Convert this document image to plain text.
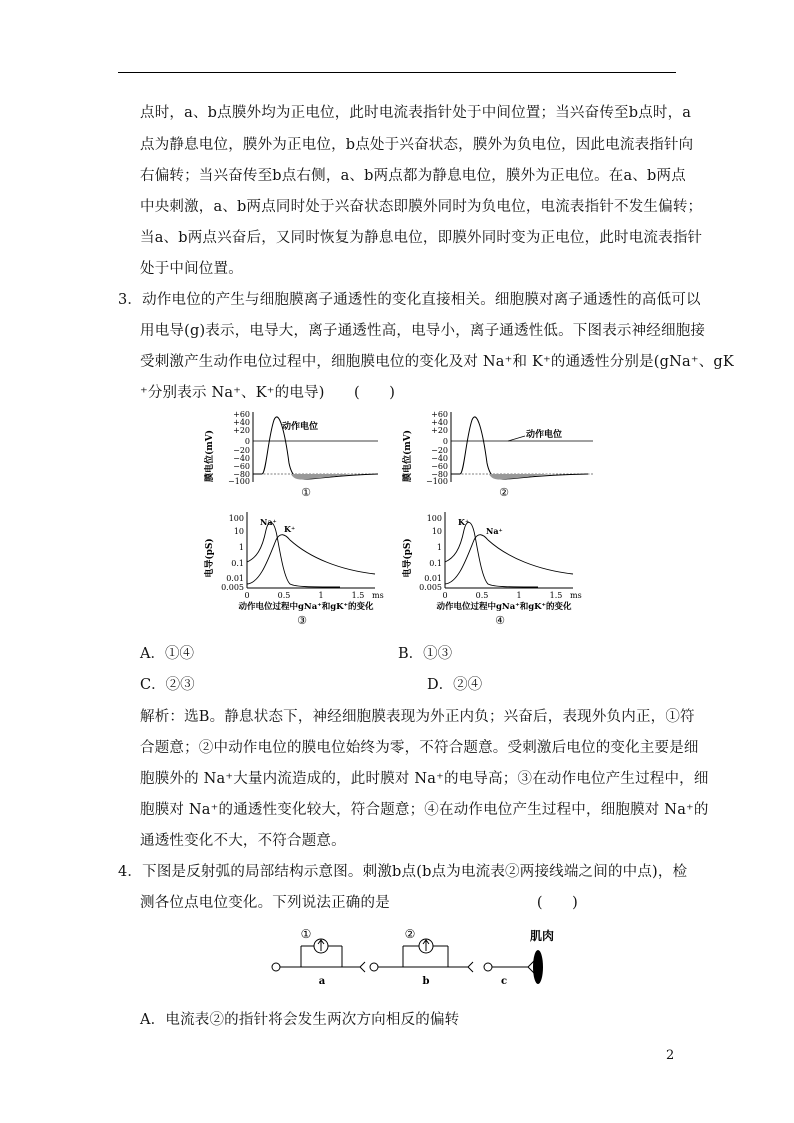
点时，a、b点膜外均为正电位，此时电流表指针处于中间位置；当兴奋传至b点时，a
点为静息电位，膜外为正电位，b点处于兴奋状态，膜外为负电位，因此电流表指针向
右偏转；当兴奋传至b点右侧，a、b两点都为静息电位，膜外为正电位。在a、b两点
中央刺激，a、b两点同时处于兴奋状态即膜外同时为负电位，电流表指针不发生偏转；
当a、b两点兴奋后，又同时恢复为静息电位，即膜外同时变为正电位，此时电流表指针
处于中间位置。
3．动作电位的产生与细胞膜离子通透性的变化直接相关。细胞膜对离子通透性的高低可以
用电导(g)表示，电导大，离子通透性高，电导小，离子通透性低。下图表示神经细胞接
受刺激产生动作电位过程中，细胞膜电位的变化及对 Na⁺和 K⁺的通透性分别是(gNa⁺、gK
⁺分别表示 Na⁺、K⁺的电导)　　(　　)
膜电位(mV)
+60
+40
+20
0
−20
−40
−60
−80
−100
动作电位
①
膜电位(mV)
+60
+40
+20
0
−20
−40
−60
−80
−100
动作电位
②
电导(pS)
100
10
1
0.1
0.01
0.005
Na⁺
K⁺
0	0.5	1	1.5 ms
动作电位过程中gNa⁺和gK⁺的变化
③
电导(pS)
100
10
1
0.1
0.01
0.005
K⁺
Na⁺
0	0.5	1	1.5 ms
动作电位过程中gNa⁺和gK⁺的变化
④
A．①④	B．①③
C．②③	D．②④
解析：选B。静息状态下，神经细胞膜表现为外正内负；兴奋后，表现外负内正，①符
合题意；②中动作电位的膜电位始终为零，不符合题意。受刺激后电位的变化主要是细
胞膜外的 Na⁺大量内流造成的，此时膜对 Na⁺的电导高；③在动作电位产生过程中，细
胞膜对 Na⁺的通透性变化较大，符合题意；④在动作电位产生过程中，细胞膜对 Na⁺的
通透性变化不大，不符合题意。
4．下图是反射弧的局部结构示意图。刺激b点(b点为电流表②两接线端之间的中点)，检
测各位点电位变化。下列说法正确的是　　　　　　　　　　(　　)
①
a
②
b	c
肌肉
A．电流表②的指针将会发生两次方向相反的偏转
2
